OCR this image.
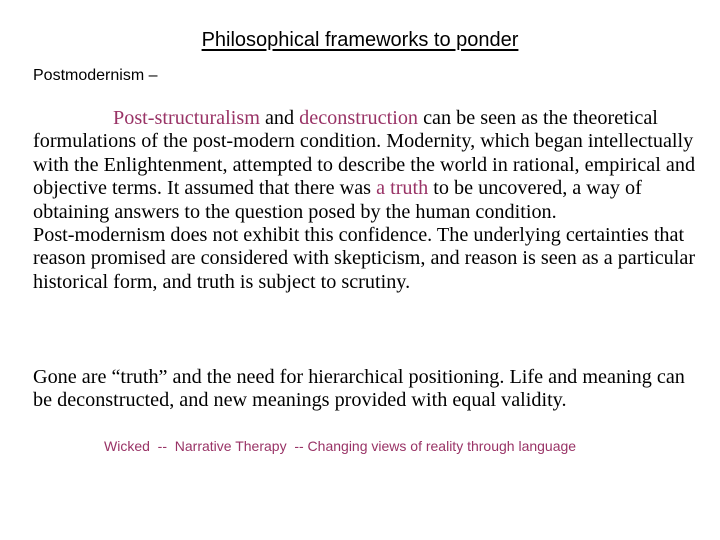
Philosophical frameworks to ponder
Postmodernism –
Post-structuralism and deconstruction can be seen as the theoretical formulations of the post-modern condition. Modernity, which began intellectually with the Enlightenment, attempted to describe the world in rational, empirical and objective terms. It assumed that there was a truth to be uncovered, a way of obtaining answers to the question posed by the human condition.
Post-modernism does not exhibit this confidence. The underlying certainties that reason promised are considered with skepticism, and reason is seen as a particular historical form, and truth is subject to scrutiny.
Gone are “truth” and the need for hierarchical positioning. Life and meaning can be deconstructed, and new meanings provided with equal validity.
Wicked  --  Narrative Therapy  -- Changing views of reality through language
